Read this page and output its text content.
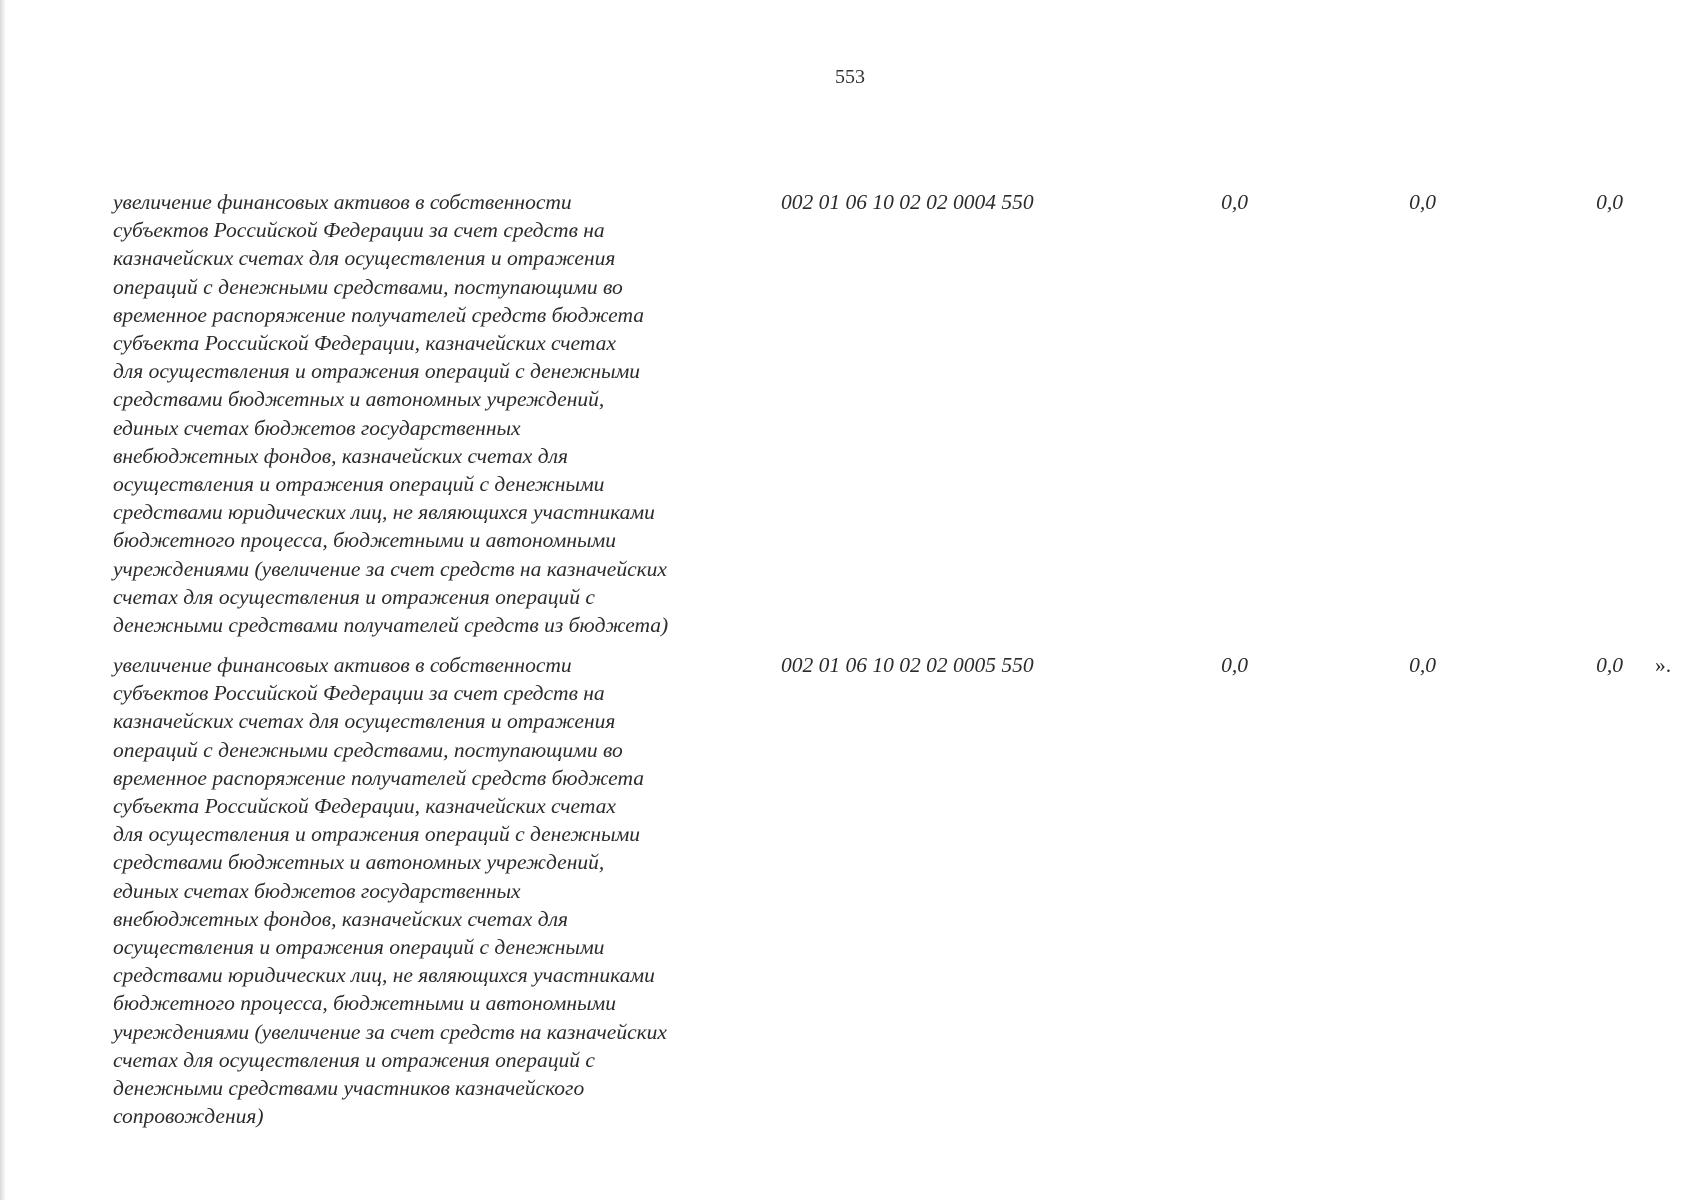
553
увеличение финансовых активов в собственности
субъектов Российской Федерации за счет средств на
казначейских счетах для осуществления и отражения
операций с денежными средствами, поступающими во
временное распоряжение получателей средств бюджета
субъекта Российской Федерации, казначейских счетах
для осуществления и отражения операций с денежными
средствами бюджетных и автономных учреждений,
единых счетах бюджетов государственных
внебюджетных фондов, казначейских счетах для
осуществления и отражения операций с денежными
средствами юридических лиц, не являющихся участниками
бюджетного процесса, бюджетными и автономными
учреждениями (увеличение за счет средств на казначейских
счетах для осуществления и отражения операций с
денежными средствами получателей средств из бюджета)
002 01 06 10 02 02 0004 550	0,0	0,0	0,0
увеличение финансовых активов в собственности
субъектов Российской Федерации за счет средств на
казначейских счетах для осуществления и отражения
операций с денежными средствами, поступающими во
временное распоряжение получателей средств бюджета
субъекта Российской Федерации, казначейских счетах
для осуществления и отражения операций с денежными
средствами бюджетных и автономных учреждений,
единых счетах бюджетов государственных
внебюджетных фондов, казначейских счетах для
осуществления и отражения операций с денежными
средствами юридических лиц, не являющихся участниками
бюджетного процесса, бюджетными и автономными
учреждениями (увеличение за счет средств на казначейских
счетах для осуществления и отражения операций с
денежными средствами участников казначейского
сопровождения)
002 01 06 10 02 02 0005 550	0,0	0,0	0,0 ».
